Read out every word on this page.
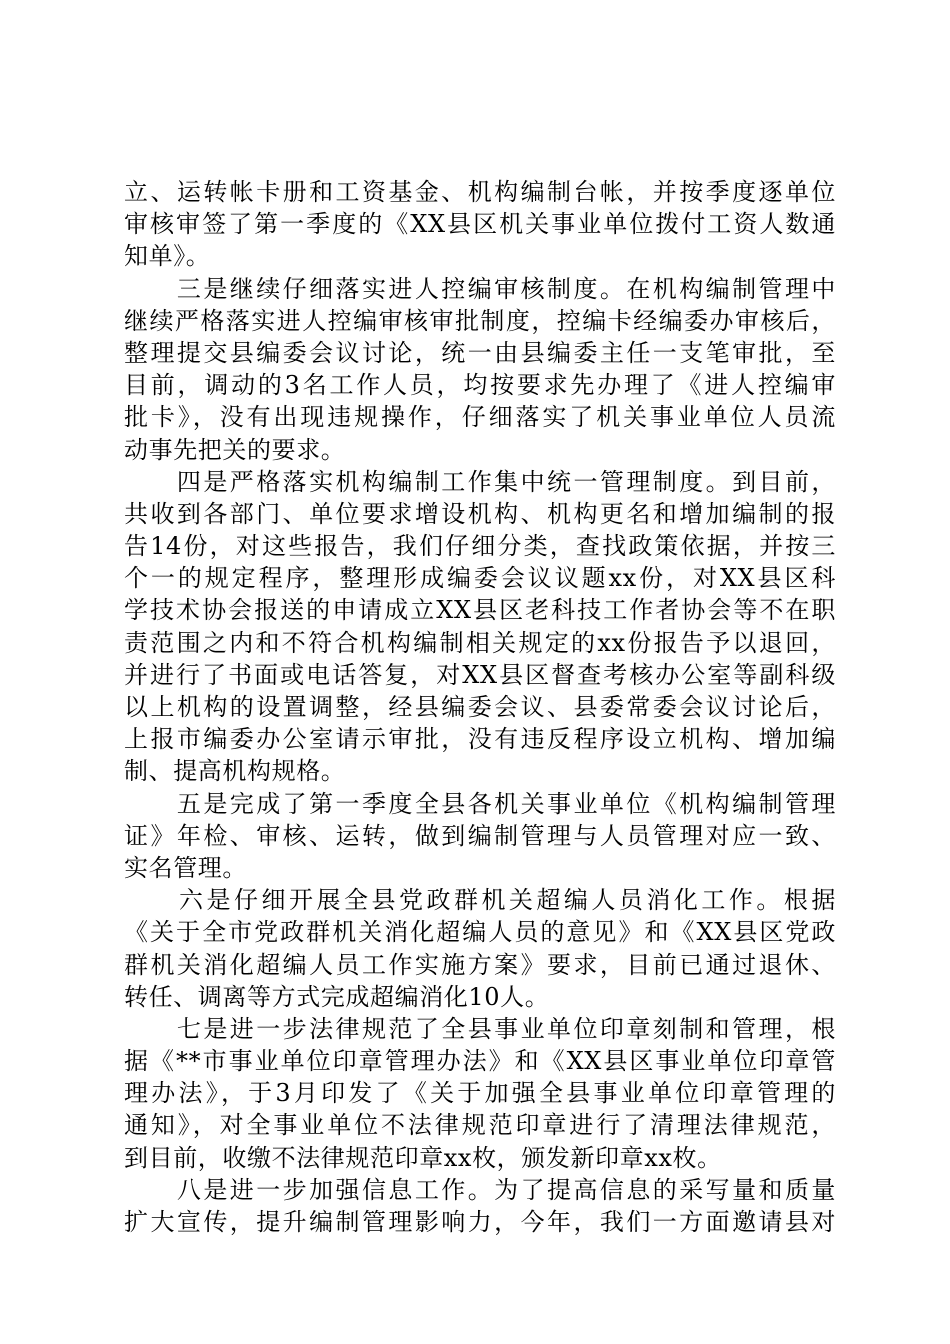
立、运转帐卡册和工资基金、机构编制台帐，并按季度逐单位
审核审签了第一季度的《XX县区机关事业单位拨付工资人数通
知单》。
　　三是继续仔细落实进人控编审核制度。在机构编制管理中
继续严格落实进人控编审核审批制度，控编卡经编委办审核后，
整理提交县编委会议讨论，统一由县编委主任一支笔审批，至
目前，调动的3名工作人员，均按要求先办理了《进人控编审
批卡》，没有出现违规操作，仔细落实了机关事业单位人员流
动事先把关的要求。
　　四是严格落实机构编制工作集中统一管理制度。到目前，
共收到各部门、单位要求增设机构、机构更名和增加编制的报
告14份，对这些报告，我们仔细分类，查找政策依据，并按三
个一的规定程序，整理形成编委会议议题xx份，对XX县区科
学技术协会报送的申请成立XX县区老科技工作者协会等不在职
责范围之内和不符合机构编制相关规定的xx份报告予以退回，
并进行了书面或电话答复，对XX县区督查考核办公室等副科级
以上机构的设置调整，经县编委会议、县委常委会议讨论后，
上报市编委办公室请示审批，没有违反程序设立机构、增加编
制、提高机构规格。
　　五是完成了第一季度全县各机关事业单位《机构编制管理
证》年检、审核、运转，做到编制管理与人员管理对应一致、
实名管理。
　　六是仔细开展全县党政群机关超编人员消化工作。根据
《关于全市党政群机关消化超编人员的意见》和《XX县区党政
群机关消化超编人员工作实施方案》要求，目前已通过退休、
转任、调离等方式完成超编消化10人。
　　七是进一步法律规范了全县事业单位印章刻制和管理，根
据《**市事业单位印章管理办法》和《XX县区事业单位印章管
理办法》，于3月印发了《关于加强全县事业单位印章管理的
通知》，对全事业单位不法律规范印章进行了清理法律规范，
到目前，收缴不法律规范印章xx枚，颁发新印章xx枚。
　　八是进一步加强信息工作。为了提高信息的采写量和质量
扩大宣传，提升编制管理影响力，今年，我们一方面邀请县对
